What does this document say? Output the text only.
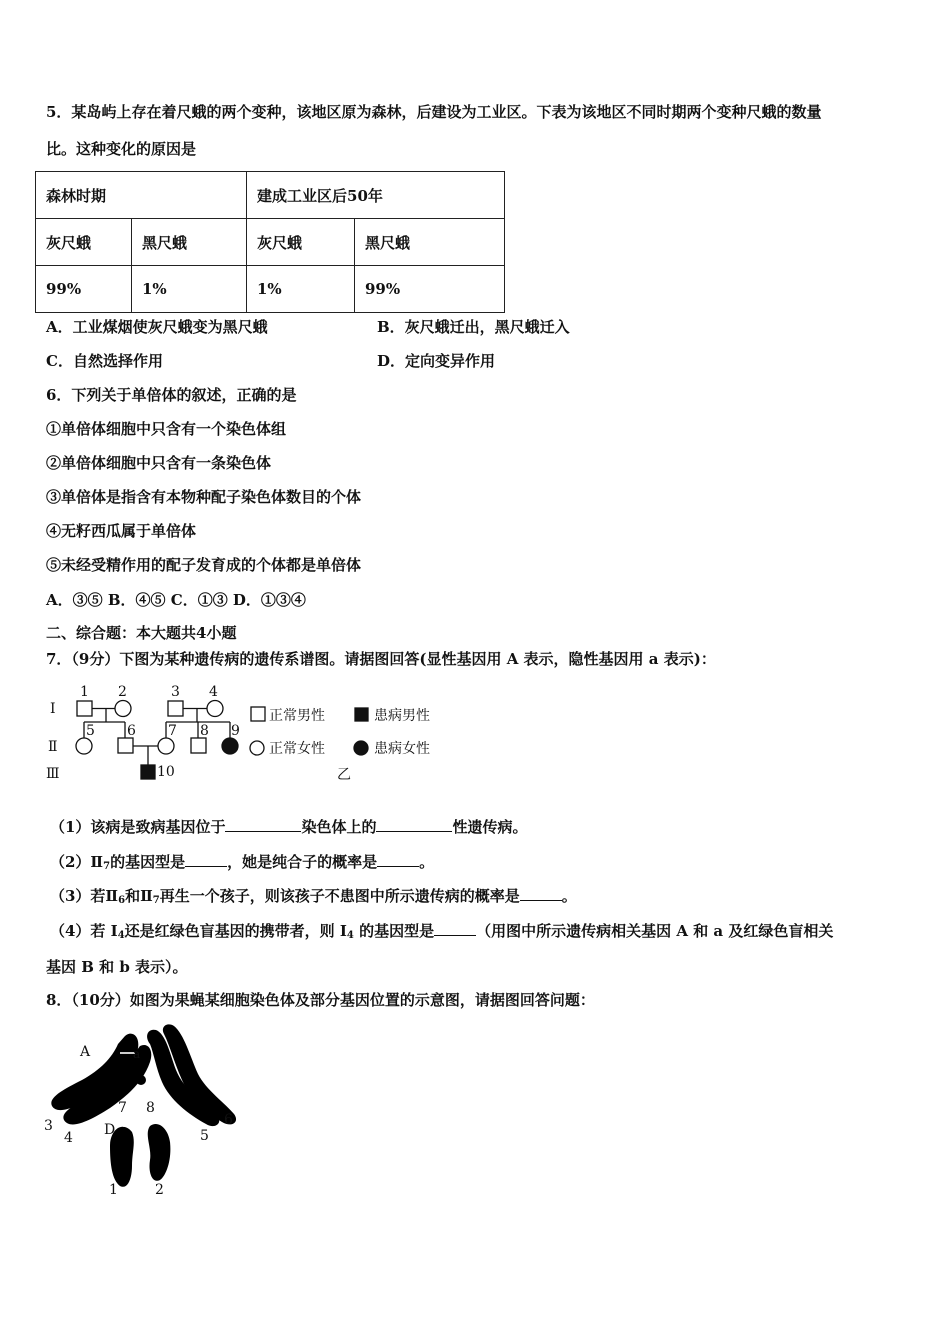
5．某岛屿上存在着尺蛾的两个变种，该地区原为森林，后建设为工业区。下表为该地区不同时期两个变种尺蛾的数量
比。这种变化的原因是
森林时期		建成工业区后50年	
灰尺蛾	黑尺蛾	灰尺蛾	黑尺蛾
99%	1%	1%	99%
A．工业煤烟使灰尺蛾变为黑尺蛾	B．灰尺蛾迁出，黑尺蛾迁入
C．自然选择作用	D．定向变异作用
6．下列关于单倍体的叙述，正确的是
①单倍体细胞中只含有一个染色体组
②单倍体细胞中只含有一条染色体
③单倍体是指含有本物种配子染色体数目的个体
④无籽西瓜属于单倍体
⑤未经受精作用的配子发育成的个体都是单倍体
A．③⑤ B．④⑤ C．①③ D．①③④
二、综合题：本大题共4小题
7．（9分）下图为某种遗传病的遗传系谱图。请据图回答(显性基因用 A 表示，隐性基因用 a 表示)：
Ⅰ
Ⅱ
Ⅲ
1 2	3 4
5 6 7 8 9
10
正常男性	患病男性
正常女性	患病女性
乙
（1）该病是致病基因位于	染色体上的	性遗传病。
$(2)Ⅱ_7$的基因型是	，她是纯合子的概率是	。
（3）若$Ⅱ_6$和$Ⅱ_7$再生一个孩子，则该孩子不患图中所示遗传病的概率是	。
（4）若 $I_4$还是红绿色盲基因的携带者，则 $I_4$ 的基因型是	（用图中所示遗传病相关基因 A 和 a 及红绿色盲相关
基因 B 和 b 表示）。
8．（10分）如图为果蝇某细胞染色体及部分基因位置的示意图，请据图回答问题：
A	a
D
1	2
3
4	5
6
7 8
